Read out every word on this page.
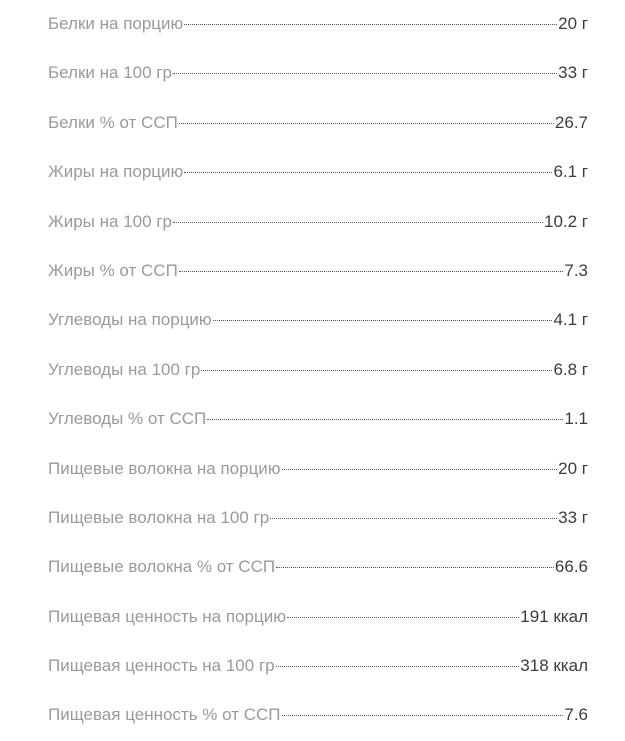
Белки на порцию	20 г
Белки на 100 гр	33 г
Белки % от ССП	26.7
Жиры на порцию	6.1 г
Жиры на 100 гр	10.2 г
Жиры % от ССП	7.3
Углеводы на порцию	4.1 г
Углеводы на 100 гр	6.8 г
Углеводы % от ССП	1.1
Пищевые волокна на порцию	20 г
Пищевые волокна на 100 гр	33 г
Пищевые волокна % от ССП	66.6
Пищевая ценность на порцию	191 ккал
Пищевая ценность на 100 гр	318 ккал
Пищевая ценность % от ССП	7.6
